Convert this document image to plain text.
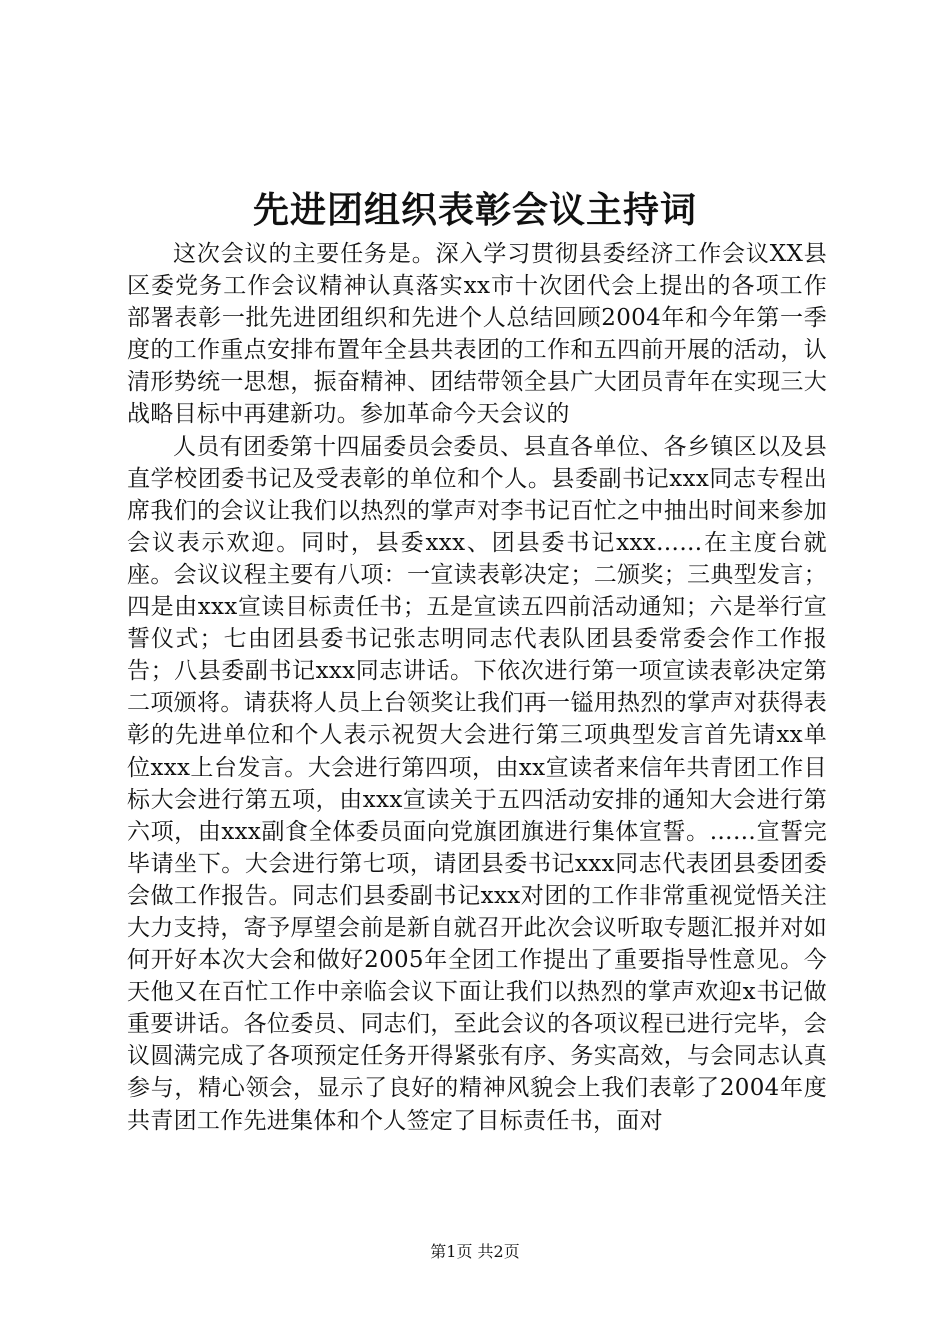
先进团组织表彰会议主持词

这次会议的主要任务是。深入学习贯彻县委经济工作会议XX县区委党务工作会议精神认真落实xx市十次团代会上提出的各项工作部署表彰一批先进团组织和先进个人总结回顾2004年和今年第一季度的工作重点安排布置年全县共表团的工作和五四前开展的活动，认清形势统一思想，振奋精神、团结带领全县广大团员青年在实现三大战略目标中再建新功。参加革命今天会议的

人员有团委第十四届委员会委员、县直各单位、各乡镇区以及县直学校团委书记及受表彰的单位和个人。县委副书记xxx同志专程出席我们的会议让我们以热烈的掌声对李书记百忙之中抽出时间来参加会议表示欢迎。同时，县委xxx、团县委书记xxx……在主度台就座。会议议程主要有八项：一宣读表彰决定；二颁奖；三典型发言；四是由xxx宣读目标责任书；五是宣读五四前活动通知；六是举行宣誓仪式；七由团县委书记张志明同志代表队团县委常委会作工作报告；八县委副书记xxx同志讲话。下依次进行第一项宣读表彰决定第二项颁将。请获将人员上台领奖让我们再一镒用热烈的掌声对获得表彰的先进单位和个人表示祝贺大会进行第三项典型发言首先请xx单位xxx上台发言。大会进行第四项，由xx宣读者来信年共青团工作目标大会进行第五项，由xxx宣读关于五四活动安排的通知大会进行第六项，由xxx副食全体委员面向党旗团旗进行集体宣誓。……宣誓完毕请坐下。大会进行第七项，请团县委书记xxx同志代表团县委团委会做工作报告。同志们县委副书记xxx对团的工作非常重视觉悟关注大力支持，寄予厚望会前是新自就召开此次会议听取专题汇报并对如何开好本次大会和做好2005年全团工作提出了重要指导性意见。今天他又在百忙工作中亲临会议下面让我们以热烈的掌声欢迎x书记做重要讲话。各位委员、同志们，至此会议的各项议程已进行完毕，会议圆满完成了各项预定任务开得紧张有序、务实高效，与会同志认真参与，精心领会，显示了良好的精神风貌会上我们表彰了2004年度共青团工作先进集体和个人签定了目标责任书，面对

第1页 共2页
